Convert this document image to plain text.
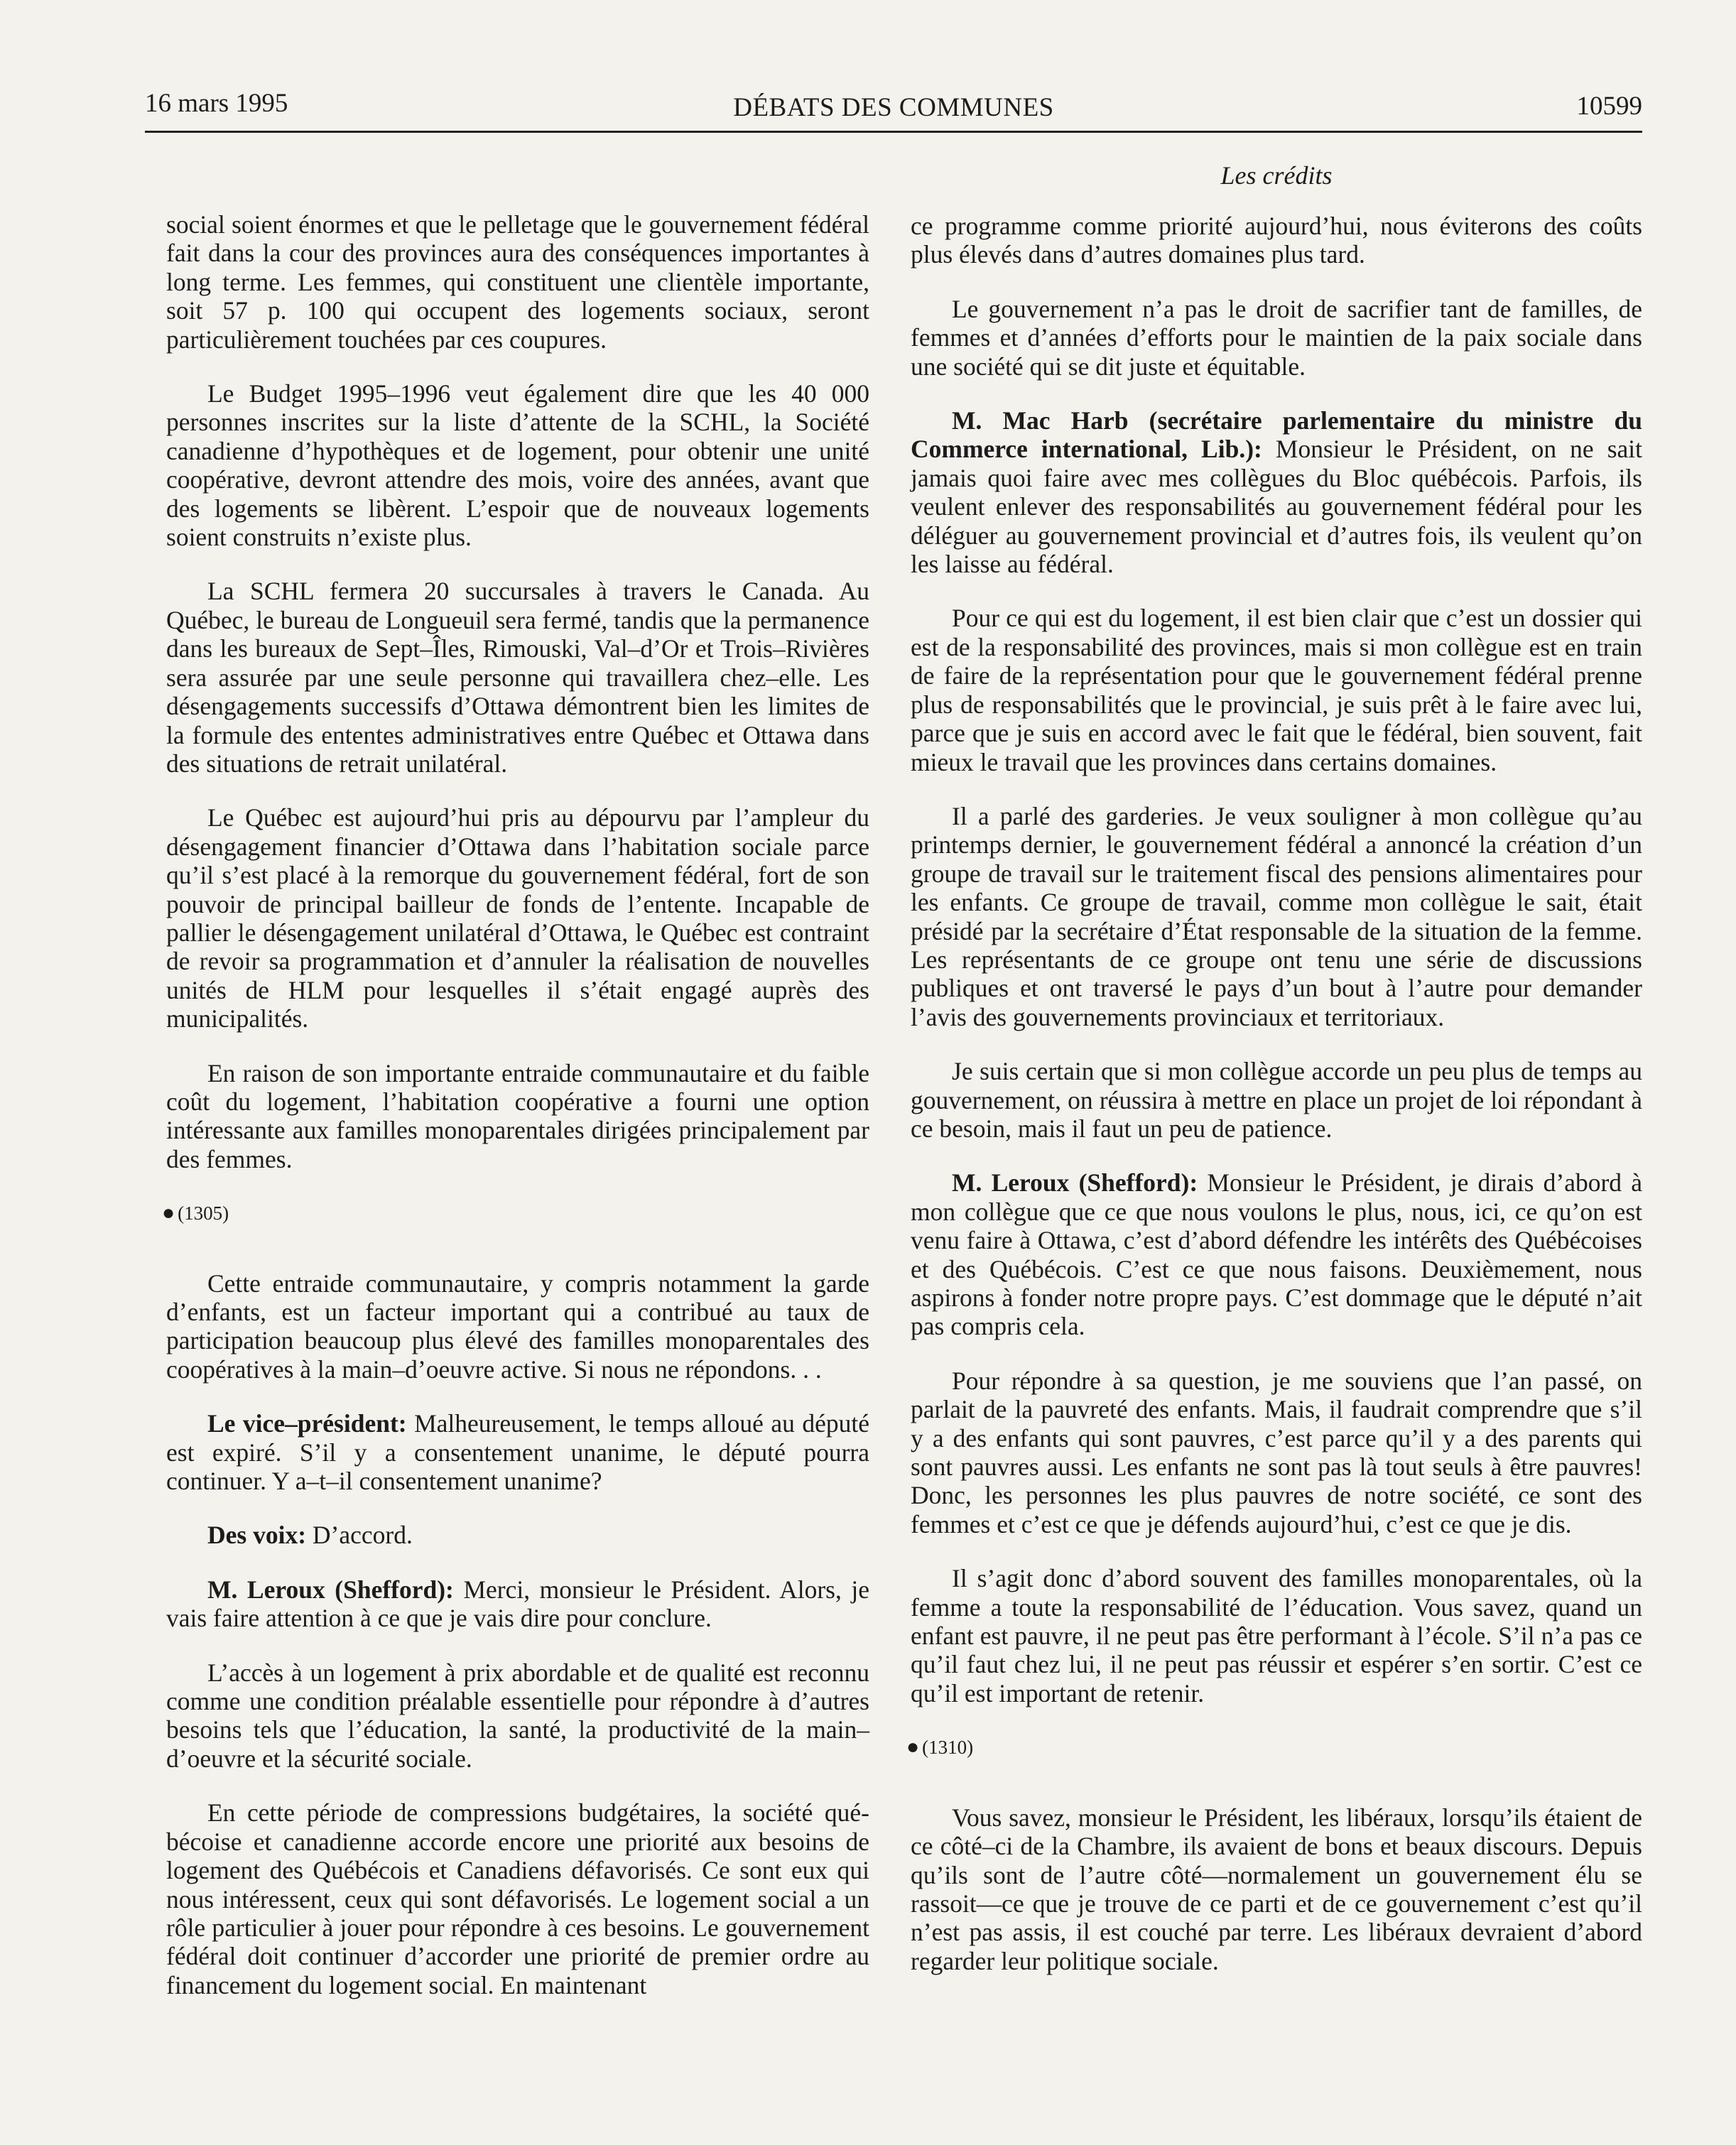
16 mars 1995	DÉBATS DES COMMUNES	10599
Les crédits

social soient énormes et que le pelletage que le gouvernement fédéral fait dans la cour des provinces aura des conséquences importantes à long terme. Les femmes, qui constituent une clientèle importante, soit 57 p. 100 qui occupent des logements sociaux, seront particulièrement touchées par ces coupures.

Le Budget 1995–1996 veut également dire que les 40 000 personnes inscrites sur la liste d’attente de la SCHL, la Société canadienne d’hypothèques et de logement, pour obtenir une unité coopérative, devront attendre des mois, voire des années, avant que des logements se libèrent. L’espoir que de nouveaux logements soient construits n’existe plus.

La SCHL fermera 20 succursales à travers le Canada. Au Québec, le bureau de Longueuil sera fermé, tandis que la permanence dans les bureaux de Sept–Îles, Rimouski, Val–d’Or et Trois–Rivières sera assurée par une seule personne qui travaillera chez–elle. Les désengagements successifs d’Ottawa démontrent bien les limites de la formule des ententes administratives entre Québec et Ottawa dans des situations de retrait unilatéral.

Le Québec est aujourd’hui pris au dépourvu par l’ampleur du désengagement financier d’Ottawa dans l’habitation sociale parce qu’il s’est placé à la remorque du gouvernement fédéral, fort de son pouvoir de principal bailleur de fonds de l’entente. Incapable de pallier le désengagement unilatéral d’Ottawa, le Québec est contraint de revoir sa programmation et d’annuler la réalisation de nouvelles unités de HLM pour lesquelles il s’était engagé auprès des municipalités.

En raison de son importante entraide communautaire et du faible coût du logement, l’habitation coopérative a fourni une option intéressante aux familles monoparentales dirigées principalement par des femmes.

● (1305)

Cette entraide communautaire, y compris notamment la garde d’enfants, est un facteur important qui a contribué au taux de participation beaucoup plus élevé des familles monoparentales des coopératives à la main–d’oeuvre active. Si nous ne répondons. . .

Le vice–président: Malheureusement, le temps alloué au député est expiré. S’il y a consentement unanime, le député pourra continuer. Y a–t–il consentement unanime?

Des voix: D’accord.

M. Leroux (Shefford): Merci, monsieur le Président. Alors, je vais faire attention à ce que je vais dire pour conclure.

L’accès à un logement à prix abordable et de qualité est reconnu comme une condition préalable essentielle pour répondre à d’autres besoins tels que l’éducation, la santé, la productivité de la main–d’oeuvre et la sécurité sociale.

En cette période de compressions budgétaires, la société québécoise et canadienne accorde encore une priorité aux besoins de logement des Québécois et Canadiens défavorisés. Ce sont eux qui nous intéressent, ceux qui sont défavorisés. Le logement social a un rôle particulier à jouer pour répondre à ces besoins. Le gouvernement fédéral doit continuer d’accorder une priorité de premier ordre au financement du logement social. En maintenant

ce programme comme priorité aujourd’hui, nous éviterons des coûts plus élevés dans d’autres domaines plus tard.

Le gouvernement n’a pas le droit de sacrifier tant de familles, de femmes et d’années d’efforts pour le maintien de la paix sociale dans une société qui se dit juste et équitable.

M. Mac Harb (secrétaire parlementaire du ministre du Commerce international, Lib.): Monsieur le Président, on ne sait jamais quoi faire avec mes collègues du Bloc québécois. Parfois, ils veulent enlever des responsabilités au gouvernement fédéral pour les déléguer au gouvernement provincial et d’autres fois, ils veulent qu’on les laisse au fédéral.

Pour ce qui est du logement, il est bien clair que c’est un dossier qui est de la responsabilité des provinces, mais si mon collègue est en train de faire de la représentation pour que le gouvernement fédéral prenne plus de responsabilités que le provincial, je suis prêt à le faire avec lui, parce que je suis en accord avec le fait que le fédéral, bien souvent, fait mieux le travail que les provinces dans certains domaines.

Il a parlé des garderies. Je veux souligner à mon collègue qu’au printemps dernier, le gouvernement fédéral a annoncé la création d’un groupe de travail sur le traitement fiscal des pensions alimentaires pour les enfants. Ce groupe de travail, comme mon collègue le sait, était présidé par la secrétaire d’État responsable de la situation de la femme. Les représentants de ce groupe ont tenu une série de discussions publiques et ont traversé le pays d’un bout à l’autre pour demander l’avis des gouvernements provinciaux et territoriaux.

Je suis certain que si mon collègue accorde un peu plus de temps au gouvernement, on réussira à mettre en place un projet de loi répondant à ce besoin, mais il faut un peu de patience.

M. Leroux (Shefford): Monsieur le Président, je dirais d’abord à mon collègue que ce que nous voulons le plus, nous, ici, ce qu’on est venu faire à Ottawa, c’est d’abord défendre les intérêts des Québécoises et des Québécois. C’est ce que nous faisons. Deuxièmement, nous aspirons à fonder notre propre pays. C’est dommage que le député n’ait pas compris cela.

Pour répondre à sa question, je me souviens que l’an passé, on parlait de la pauvreté des enfants. Mais, il faudrait comprendre que s’il y a des enfants qui sont pauvres, c’est parce qu’il y a des parents qui sont pauvres aussi. Les enfants ne sont pas là tout seuls à être pauvres! Donc, les personnes les plus pauvres de notre société, ce sont des femmes et c’est ce que je défends aujourd’hui, c’est ce que je dis.

Il s’agit donc d’abord souvent des familles monoparentales, où la femme a toute la responsabilité de l’éducation. Vous savez, quand un enfant est pauvre, il ne peut pas être performant à l’école. S’il n’a pas ce qu’il faut chez lui, il ne peut pas réussir et espérer s’en sortir. C’est ce qu’il est important de retenir.

● (1310)

Vous savez, monsieur le Président, les libéraux, lorsqu’ils étaient de ce côté–ci de la Chambre, ils avaient de bons et beaux discours. Depuis qu’ils sont de l’autre côté—normalement un gouvernement élu se rassoit—ce que je trouve de ce parti et de ce gouvernement c’est qu’il n’est pas assis, il est couché par terre. Les libéraux devraient d’abord regarder leur politique sociale.
